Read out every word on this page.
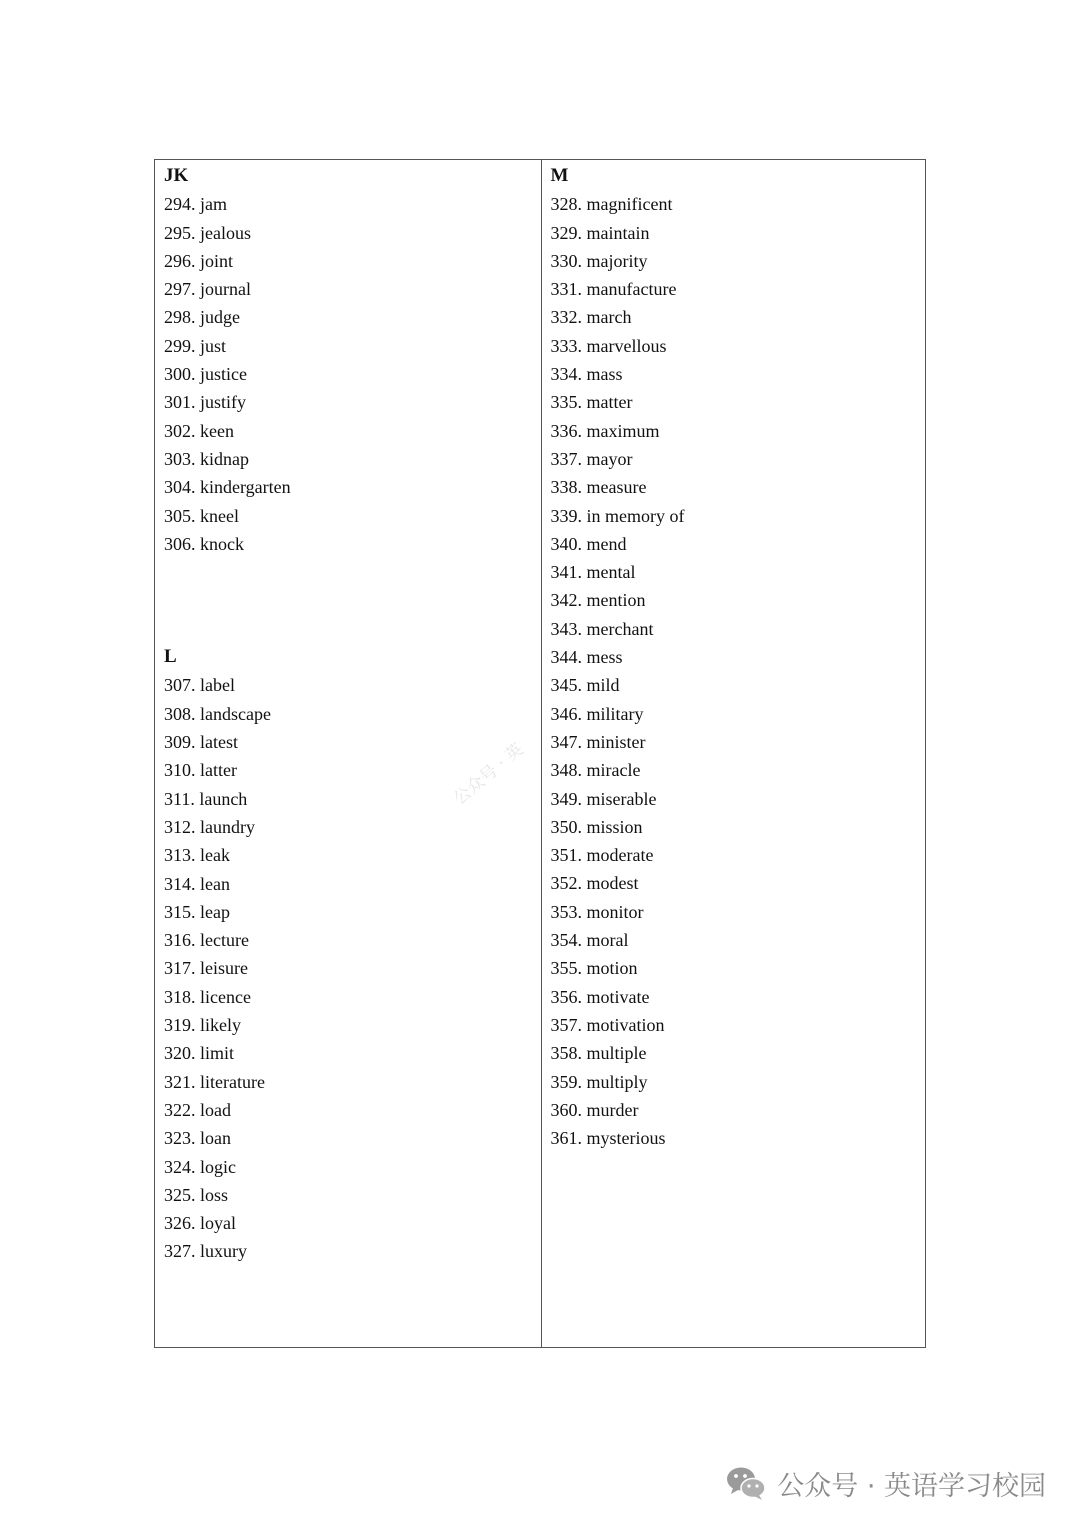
JK
294. jam
295. jealous
296. joint
297. journal
298. judge
299. just
300. justice
301. justify
302. keen
303. kidnap
304. kindergarten
305. kneel
306. knock
L
307. label
308. landscape
309. latest
310. latter
311. launch
312. laundry
313. leak
314. lean
315. leap
316. lecture
317. leisure
318. licence
319. likely
320. limit
321. literature
322. load
323. loan
324. logic
325. loss
326. loyal
327. luxury
M
328. magnificent
329. maintain
330. majority
331. manufacture
332. march
333. marvellous
334. mass
335. matter
336. maximum
337. mayor
338. measure
339. in memory of
340. mend
341. mental
342. mention
343. merchant
344. mess
345. mild
346. military
347. minister
348. miracle
349. miserable
350. mission
351. moderate
352. modest
353. monitor
354. moral
355. motion
356. motivate
357. motivation
358. multiple
359. multiply
360. murder
361. mysterious
公众号 · 英
公众号 · 英语学习校园
